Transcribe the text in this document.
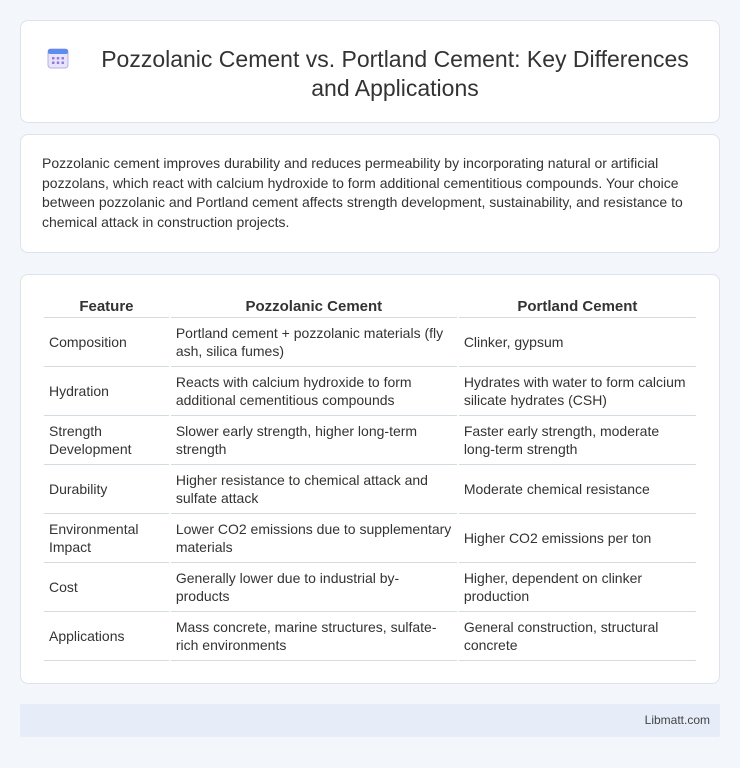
Pozzolanic Cement vs. Portland Cement: Key Differences and Applications

Pozzolanic cement improves durability and reduces permeability by incorporating natural or artificial pozzolans, which react with calcium hydroxide to form additional cementitious compounds. Your choice between pozzolanic and Portland cement affects strength development, sustainability, and resistance to chemical attack in construction projects.

Feature	Pozzolanic Cement	Portland Cement
Composition	Portland cement + pozzolanic materials (fly ash, silica fumes)	Clinker, gypsum
Hydration	Reacts with calcium hydroxide to form additional cementitious compounds	Hydrates with water to form calcium silicate hydrates (CSH)
Strength Development	Slower early strength, higher long-term strength	Faster early strength, moderate long-term strength
Durability	Higher resistance to chemical attack and sulfate attack	Moderate chemical resistance
Environmental Impact	Lower CO2 emissions due to supplementary materials	Higher CO2 emissions per ton
Cost	Generally lower due to industrial by-products	Higher, dependent on clinker production
Applications	Mass concrete, marine structures, sulfate-rich environments	General construction, structural concrete
Libmatt.com
